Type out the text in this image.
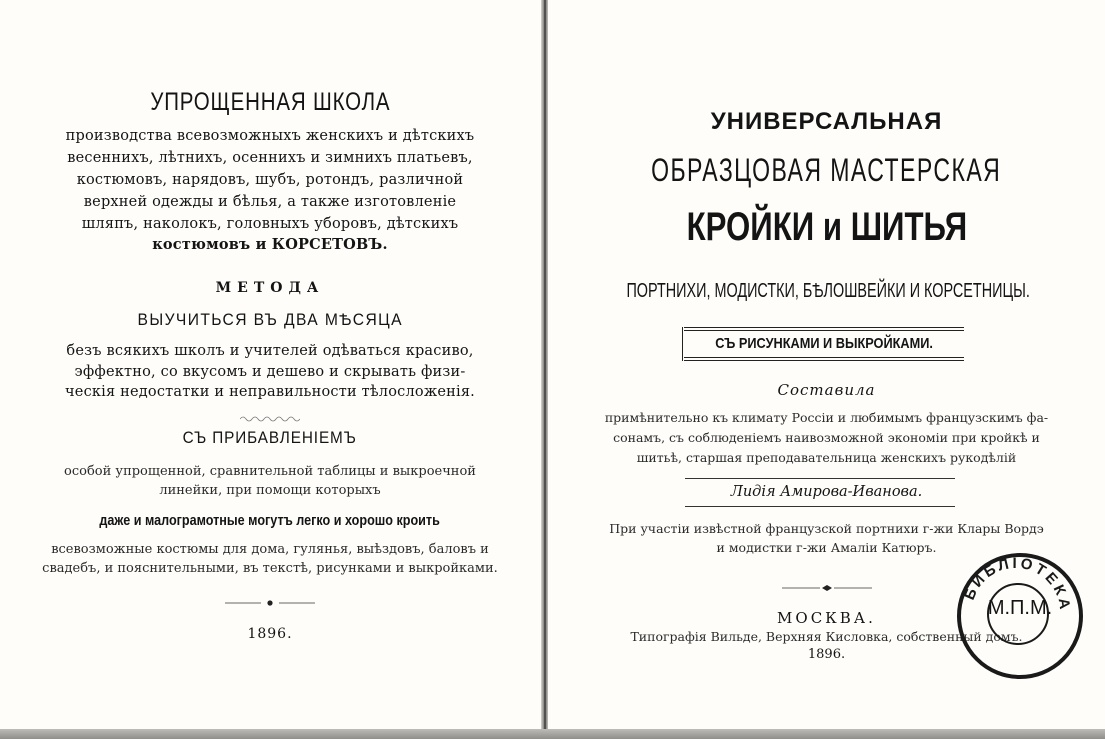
УПРОЩЕННАЯ ШКОЛА

производства всевозможныхъ женскихъ и дѣтскихъ

весеннихъ, лѣтнихъ, осеннихъ и зимнихъ платьевъ,

костюмовъ, нарядовъ, шубъ, ротондъ, различной

верхней одежды и бѣлья, а также изготовленіе

шляпъ, наколокъ, головныхъ уборовъ, дѣтскихъ

костюмовъ и КОРСЕТОВЪ.

МЕТОДА

ВЫУЧИТЬСЯ ВЪ ДВА МѢСЯЦА

безъ всякихъ школъ и учителей одѣваться красиво,

эффектно, со вкусомъ и дешево и скрывать физи-

ческія недостатки и неправильности тѣлосложенія.

СЪ ПРИБАВЛЕНІЕМЪ

особой упрощенной, сравнительной таблицы и выкроечной

линейки, при помощи которыхъ

даже и малограмотные могутъ легко и хорошо кроить

всевозможные костюмы для дома, гулянья, выѣздовъ, баловъ и

свадебъ, и пояснительными, въ текстѣ, рисунками и выкройками.

1896.

УНИВЕРСАЛЬНАЯ

ОБРАЗЦОВАЯ МАСТЕРСКАЯ

КРОЙКИ и ШИТЬЯ

ПОРТНИХИ, МОДИСТКИ, БѢЛОШВЕЙКИ И КОРСЕТНИЦЫ.

СЪ РИСУНКАМИ И ВЫКРОЙКАМИ.

Составила

примѣнительно къ климату Россіи и любимымъ французскимъ фа-

сонамъ, съ соблюденіемъ наивозможной экономіи при кройкѣ и

шитьѣ, старшая преподавательница женскихъ рукодѣлій

Лидія Амирова-Иванова.

При участіи извѣстной французской портнихи г-жи Клары Вордэ

и модистки г-жи Амаліи Катюръ.

МОСКВА.

Типографія Вильде, Верхняя Кисловка, собственный домъ.

1896.

БИБЛІОТЕКА
М.П.М.
